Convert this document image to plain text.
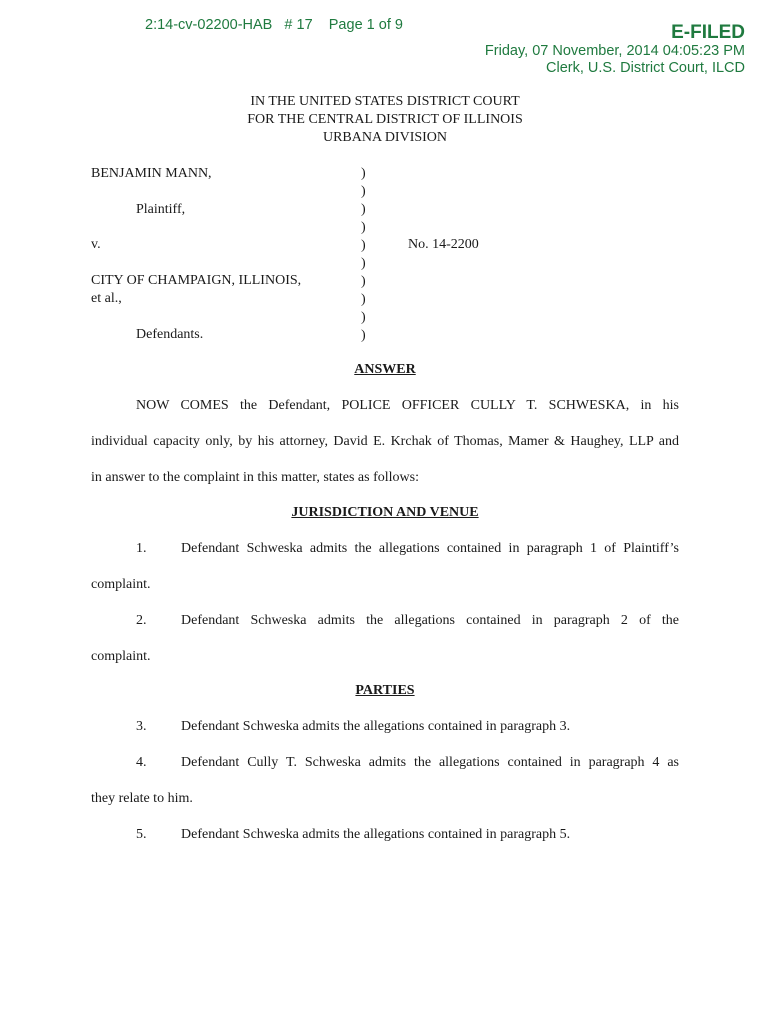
2:14-cv-02200-HAB   # 17    Page 1 of 9	E-FILED
Friday, 07 November, 2014 04:05:23 PM
Clerk, U.S. District Court, ILCD
IN THE UNITED STATES DISTRICT COURT
FOR THE CENTRAL DISTRICT OF ILLINOIS
URBANA DIVISION
BENJAMIN MANN,
Plaintiff,
v.
CITY OF CHAMPAIGN, ILLINOIS,
et al.,
Defendants.
No. 14-2200
)
)
)
)
)
)
)
)
)
)
ANSWER
NOW COMES the Defendant, POLICE OFFICER CULLY T. SCHWESKA, in his
individual capacity only, by his attorney, David E. Krchak of Thomas, Mamer & Haughey, LLP and
in answer to the complaint in this matter, states as follows:
JURISDICTION AND VENUE
1. Defendant Schweska admits the allegations contained in paragraph 1 of Plaintiff’s
complaint.
2. Defendant Schweska admits the allegations contained in paragraph 2 of the
complaint.
PARTIES
3. Defendant Schweska admits the allegations contained in paragraph 3.
4. Defendant Cully T. Schweska admits the allegations contained in paragraph 4 as
they relate to him.
5. Defendant Schweska admits the allegations contained in paragraph 5.
